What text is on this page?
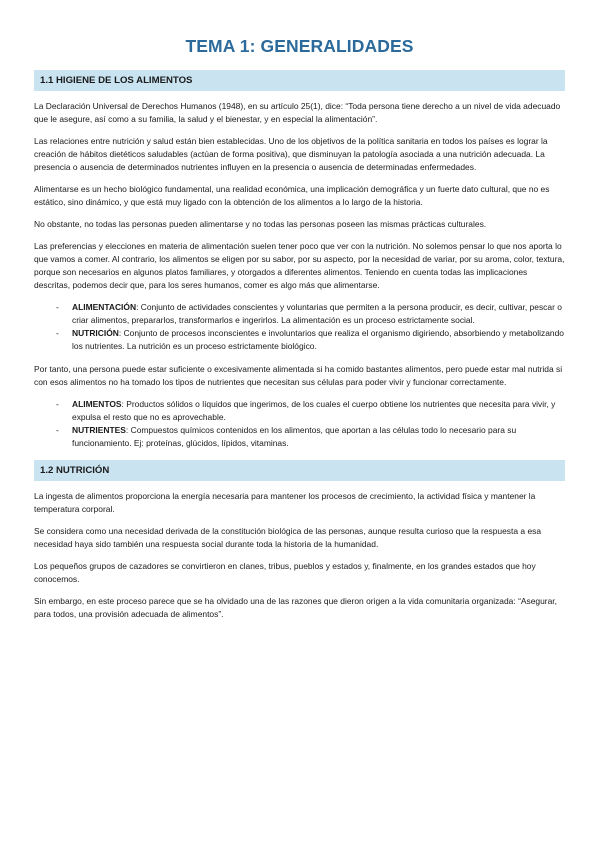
TEMA 1: GENERALIDADES
1.1 HIGIENE DE LOS ALIMENTOS

La Declaración Universal de Derechos Humanos (1948), en su artículo 25(1), dice: “Toda persona tiene derecho a un nivel de vida adecuado que le asegure, así como a su familia, la salud y el bienestar, y en especial la alimentación”.

Las relaciones entre nutrición y salud están bien establecidas. Uno de los objetivos de la política sanitaria en todos los países es lograr la creación de hábitos dietéticos saludables (actúan de forma positiva), que disminuyan la patología asociada a una nutrición adecuada. La presencia o ausencia de determinados nutrientes influyen en la presencia o ausencia de determinadas enfermedades.

Alimentarse es un hecho biológico fundamental, una realidad económica, una implicación demográfica y un fuerte dato cultural, que no es estático, sino dinámico, y que está muy ligado con la obtención de los alimentos a lo largo de la historia.

No obstante, no todas las personas pueden alimentarse y no todas las personas poseen las mismas prácticas culturales.

Las preferencias y elecciones en materia de alimentación suelen tener poco que ver con la nutrición. No solemos pensar lo que nos aporta lo que vamos a comer. Al contrario, los alimentos se eligen por su sabor, por su aspecto, por la necesidad de variar, por su aroma, color, textura, porque son necesarios en algunos platos familiares, y otorgados a diferentes alimentos. Teniendo en cuenta todas las implicaciones descritas, podemos decir que, para los seres humanos, comer es algo más que alimentarse.

- ALIMENTACIÓN: Conjunto de actividades conscientes y voluntarias que permiten a la persona producir, es decir, cultivar, pescar o criar alimentos, prepararlos, transformarlos e ingerirlos. La alimentación es un proceso estrictamente social.
- NUTRICIÓN: Conjunto de procesos inconscientes e involuntarios que realiza el organismo digiriendo, absorbiendo y metabolizando los nutrientes. La nutrición es un proceso estrictamente biológico.

Por tanto, una persona puede estar suficiente o excesivamente alimentada si ha comido bastantes alimentos, pero puede estar mal nutrida si con esos alimentos no ha tomado los tipos de nutrientes que necesitan sus células para poder vivir y funcionar correctamente.

- ALIMENTOS: Productos sólidos o líquidos que ingerimos, de los cuales el cuerpo obtiene los nutrientes que necesita para vivir, y expulsa el resto que no es aprovechable.
- NUTRIENTES: Compuestos químicos contenidos en los alimentos, que aportan a las células todo lo necesario para su funcionamiento. Ej: proteínas, glúcidos, lípidos, vitaminas.
1.2 NUTRICIÓN

La ingesta de alimentos proporciona la energía necesaria para mantener los procesos de crecimiento, la actividad física y mantener la temperatura corporal.

Se considera como una necesidad derivada de la constitución biológica de las personas, aunque resulta curioso que la respuesta a esa necesidad haya sido también una respuesta social durante toda la historia de la humanidad.

Los pequeños grupos de cazadores se convirtieron en clanes, tribus, pueblos y estados y, finalmente, en los grandes estados que hoy conocemos.

Sin embargo, en este proceso parece que se ha olvidado una de las razones que dieron origen a la vida comunitaria organizada: “Asegurar, para todos, una provisión adecuada de alimentos”.
